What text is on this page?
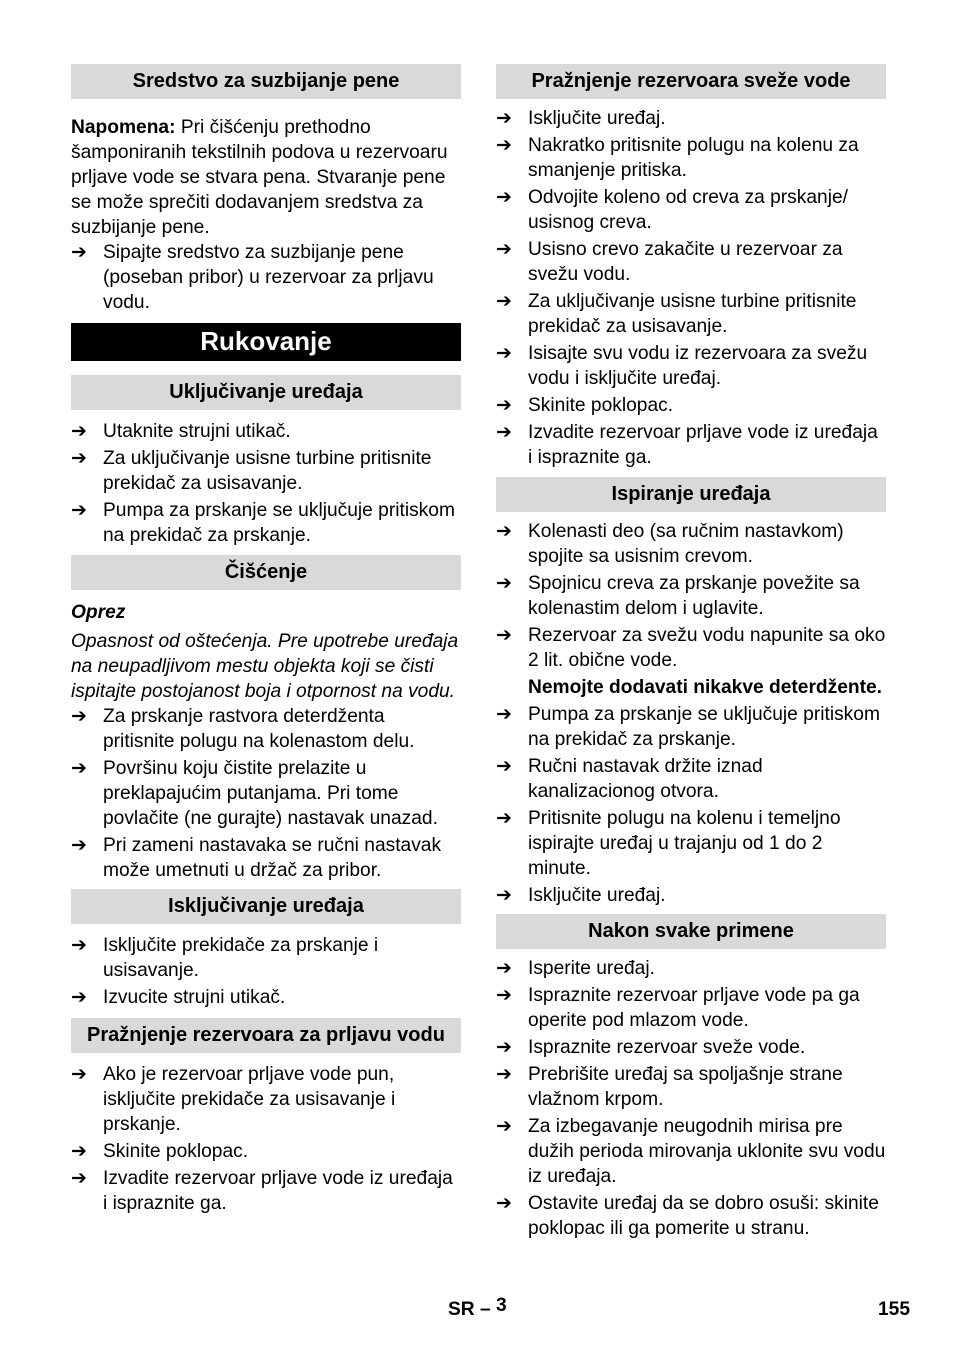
Sredstvo za suzbijanje pene

Napomena: Pri čišćenju prethodno šamponiranih tekstilnih podova u rezervoaru prljave vode se stvara pena. Stvaranje pene se može sprečiti dodavanjem sredstva za suzbijanje pene.

➔ Sipajte sredstvo za suzbijanje pene (poseban pribor) u rezervoar za prljavu vodu.
Rukovanje
Uključivanje uređaja
➔ Utaknite strujni utikač.
➔ Za uključivanje usisne turbine pritisnite prekidač za usisavanje.
➔ Pumpa za prskanje se uključuje pritiskom na prekidač za prskanje.
Čišćenje

Oprez

Opasnost od oštećenja. Pre upotrebe uređaja na neupadljivom mestu objekta koji se čisti ispitajte postojanost boja i otpornost na vodu.

➔ Za prskanje rastvora deterdženta pritisnite polugu na kolenastom delu.
➔ Površinu koju čistite prelazite u preklapajućim putanjama. Pri tome povlačite (ne gurajte) nastavak unazad.
➔ Pri zameni nastavaka se ručni nastavak može umetnuti u držač za pribor.
Isključivanje uređaja
➔ Isključite prekidače za prskanje i usisavanje.
➔ Izvucite strujni utikač.
Pražnjenje rezervoara za prljavu vodu
➔ Ako je rezervoar prljave vode pun, isključite prekidače za usisavanje i prskanje.
➔ Skinite poklopac.
➔ Izvadite rezervoar prljave vode iz uređaja i ispraznite ga.
Pražnjenje rezervoara sveže vode
➔ Isključite uređaj.
➔ Nakratko pritisnite polugu na kolenu za smanjenje pritiska.
➔ Odvojite koleno od creva za prskanje/ usisnog creva.
➔ Usisno crevo zakačite u rezervoar za svežu vodu.
➔ Za uključivanje usisne turbine pritisnite prekidač za usisavanje.
➔ Isisajte svu vodu iz rezervoara za svežu vodu i isključite uređaj.
➔ Skinite poklopac.
➔ Izvadite rezervoar prljave vode iz uređaja i ispraznite ga.
Ispiranje uređaja
➔ Kolenasti deo (sa ručnim nastavkom) spojite sa usisnim crevom.
➔ Spojnicu creva za prskanje povežite sa kolenastim delom i uglavite.
➔ Rezervoar za svežu vodu napunite sa oko 2 lit. obične vode.

Nemojte dodavati nikakve deterdžente.

➔ Pumpa za prskanje se uključuje pritiskom na prekidač za prskanje.
➔ Ručni nastavak držite iznad kanalizacionog otvora.
➔ Pritisnite polugu na kolenu i temeljno ispirajte uređaj u trajanju od 1 do 2 minute.
➔ Isključite uređaj.
Nakon svake primene
➔ Isperite uređaj.
➔ Ispraznite rezervoar prljave vode pa ga operite pod mlazom vode.
➔ Ispraznite rezervoar sveže vode.
➔ Prebrišite uređaj sa spoljašnje strane vlažnom krpom.
➔ Za izbegavanje neugodnih mirisa pre dužih perioda mirovanja uklonite svu vodu iz uređaja.
➔ Ostavite uređaj da se dobro osuši: skinite poklopac ili ga pomerite u stranu.
SR – 3	155
